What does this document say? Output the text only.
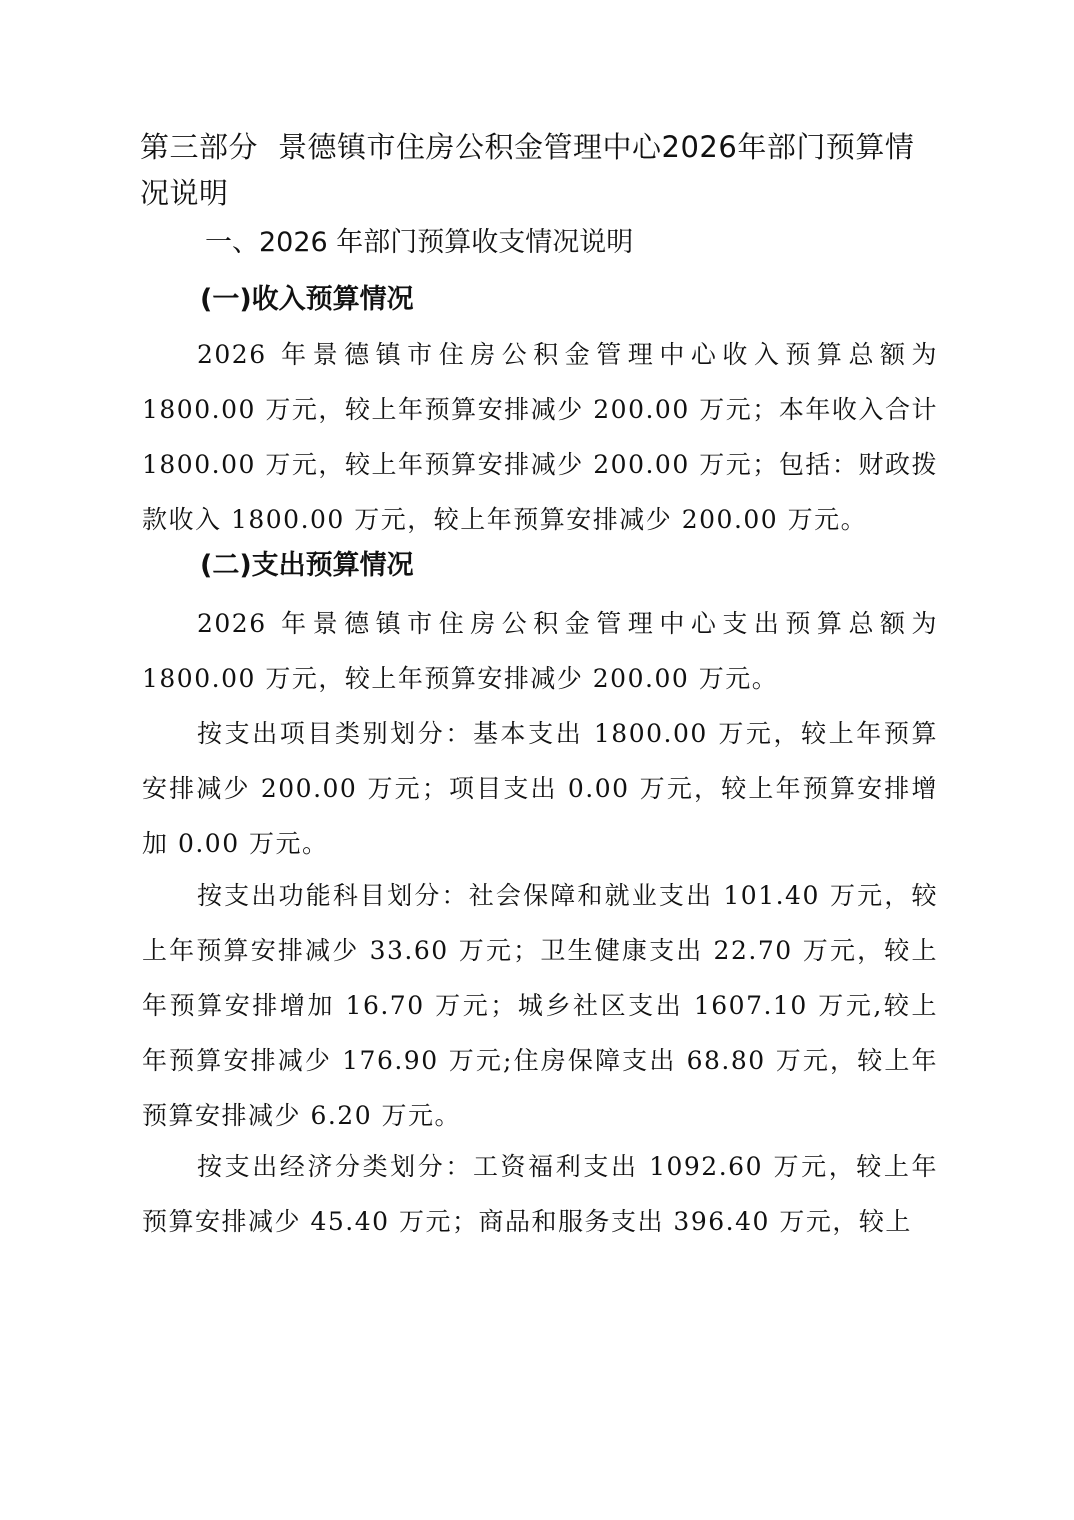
第三部分 景德镇市住房公积金管理中心2026年部门预算情况说明
一、2026 年部门预算收支情况说明
(一)收入预算情况

2026 年景德镇市住房公积金管理中心收入预算总额为 1800.00 万元，较上年预算安排减少 200.00 万元；本年收入合计 1800.00 万元，较上年预算安排减少 200.00 万元；包括：财政拨款收入 1800.00 万元，较上年预算安排减少 200.00 万元。

(二)支出预算情况

2026 年景德镇市住房公积金管理中心支出预算总额为 1800.00 万元，较上年预算安排减少 200.00 万元。

按支出项目类别划分：基本支出 1800.00 万元，较上年预算安排减少 200.00 万元；项目支出 0.00 万元，较上年预算安排增加 0.00 万元。

按支出功能科目划分：社会保障和就业支出 101.40 万元，较上年预算安排减少 33.60 万元；卫生健康支出 22.70 万元，较上年预算安排增加 16.70 万元；城乡社区支出 1607.10 万元,较上年预算安排减少 176.90 万元;住房保障支出 68.80 万元，较上年预算安排减少 6.20 万元。

按支出经济分类划分：工资福利支出 1092.60 万元，较上年预算安排减少 45.40 万元；商品和服务支出 396.40 万元，较上
